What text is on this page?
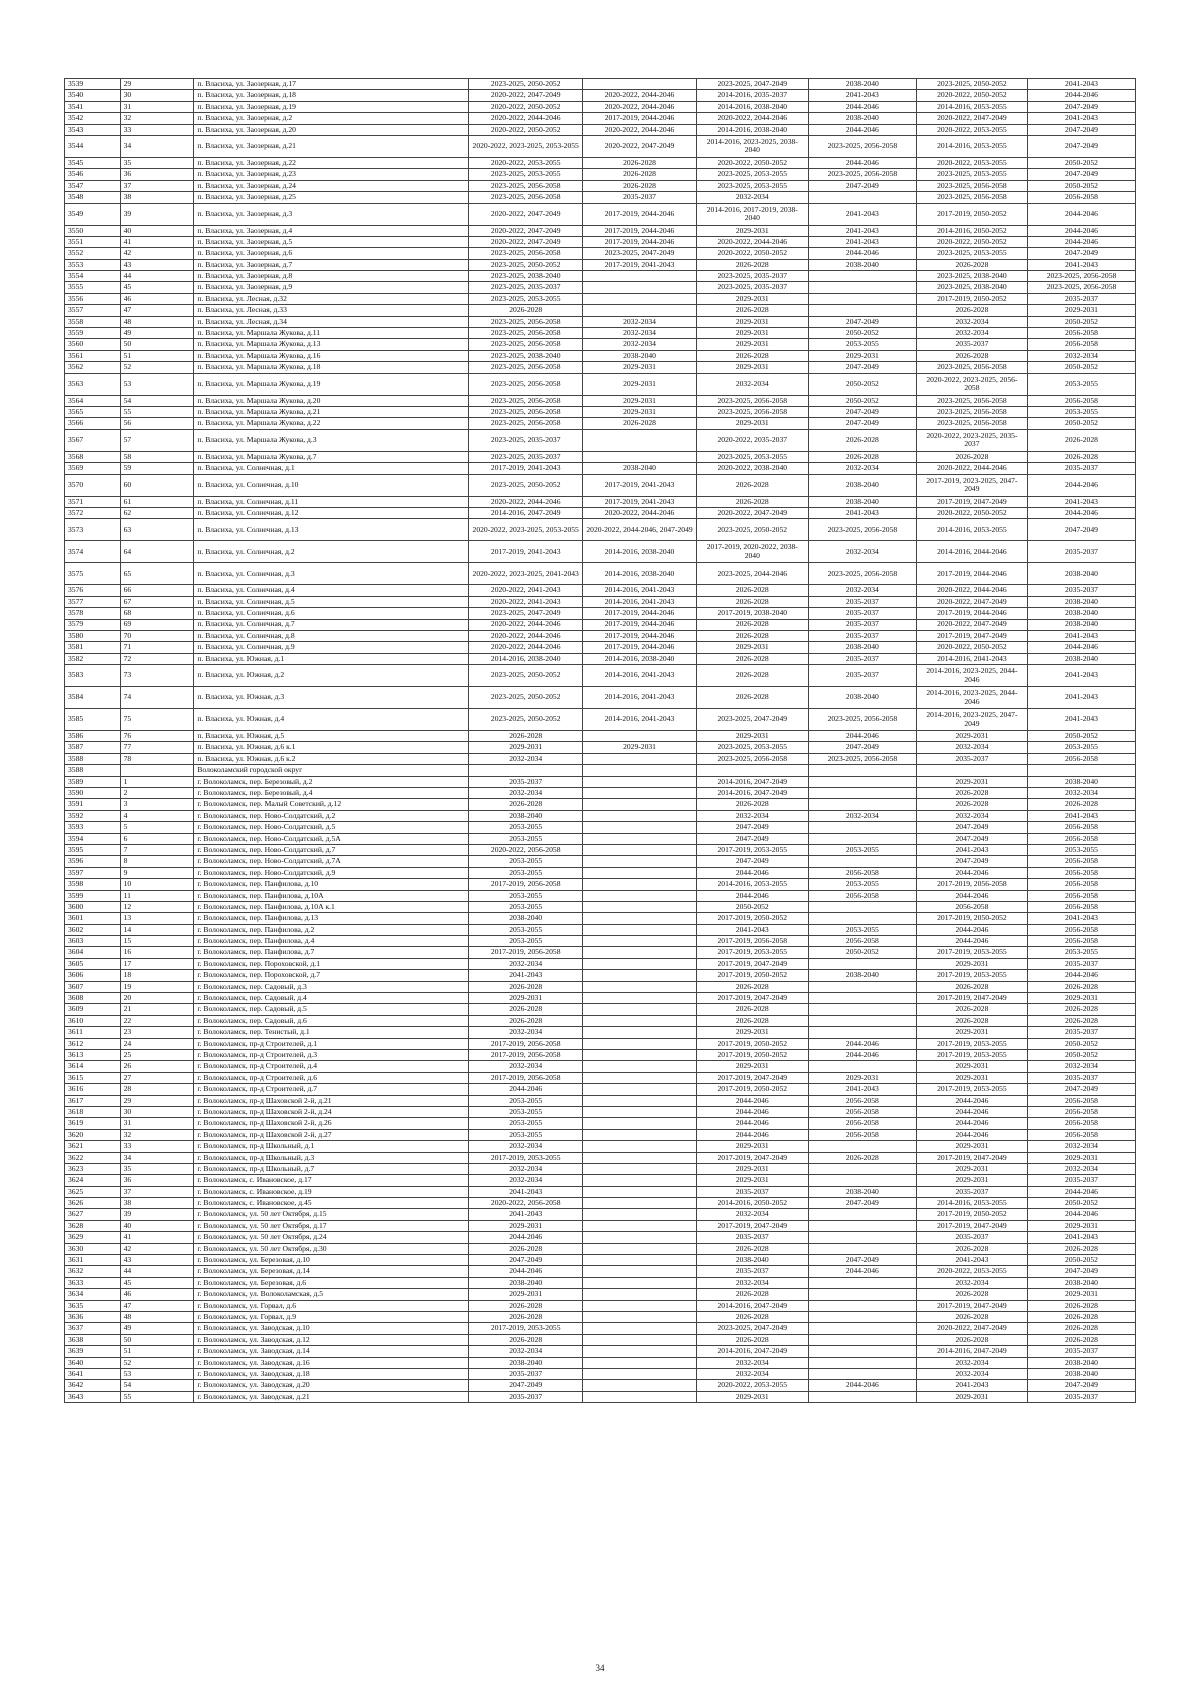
3539	29	п. Власиха, ул. Заозерная, д.17	2023-2025, 2050-2052		2023-2025, 2047-2049	2038-2040	2023-2025, 2050-2052	2041-2043
3540	30	п. Власиха, ул. Заозерная, д.18	2020-2022, 2047-2049	2020-2022, 2044-2046	2014-2016, 2035-2037	2041-2043	2020-2022, 2050-2052	2044-2046
3541	31	п. Власиха, ул. Заозерная, д.19	2020-2022, 2050-2052	2020-2022, 2044-2046	2014-2016, 2038-2040	2044-2046	2014-2016, 2053-2055	2047-2049
3542	32	п. Власиха, ул. Заозерная, д.2	2020-2022, 2044-2046	2017-2019, 2044-2046	2020-2022, 2044-2046	2038-2040	2020-2022, 2047-2049	2041-2043
3543	33	п. Власиха, ул. Заозерная, д.20	2020-2022, 2050-2052	2020-2022, 2044-2046	2014-2016, 2038-2040	2044-2046	2020-2022, 2053-2055	2047-2049
3544	34	п. Власиха, ул. Заозерная, д.21	2020-2022, 2023-2025, 2053-2055	2020-2022, 2047-2049	2014-2016, 2023-2025, 2038-2040	2023-2025, 2056-2058	2014-2016, 2053-2055	2047-2049
3545	35	п. Власиха, ул. Заозерная, д.22	2020-2022, 2053-2055	2026-2028	2020-2022, 2050-2052	2044-2046	2020-2022, 2053-2055	2050-2052
3546	36	п. Власиха, ул. Заозерная, д.23	2023-2025, 2053-2055	2026-2028	2023-2025, 2053-2055	2023-2025, 2056-2058	2023-2025, 2053-2055	2047-2049
3547	37	п. Власиха, ул. Заозерная, д.24	2023-2025, 2056-2058	2026-2028	2023-2025, 2053-2055	2047-2049	2023-2025, 2056-2058	2050-2052
3548	38	п. Власиха, ул. Заозерная, д.25	2023-2025, 2056-2058	2035-2037	2032-2034		2023-2025, 2056-2058	2056-2058
3549	39	п. Власиха, ул. Заозерная, д.3	2020-2022, 2047-2049	2017-2019, 2044-2046	2014-2016, 2017-2019, 2038-2040	2041-2043	2017-2019, 2050-2052	2044-2046
3550	40	п. Власиха, ул. Заозерная, д.4	2020-2022, 2047-2049	2017-2019, 2044-2046	2029-2031	2041-2043	2014-2016, 2050-2052	2044-2046
3551	41	п. Власиха, ул. Заозерная, д.5	2020-2022, 2047-2049	2017-2019, 2044-2046	2020-2022, 2044-2046	2041-2043	2020-2022, 2050-2052	2044-2046
3552	42	п. Власиха, ул. Заозерная, д.6	2023-2025, 2056-2058	2023-2025, 2047-2049	2020-2022, 2050-2052	2044-2046	2023-2025, 2053-2055	2047-2049
3553	43	п. Власиха, ул. Заозерная, д.7	2023-2025, 2050-2052	2017-2019, 2041-2043	2026-2028	2038-2040	2026-2028	2041-2043
3554	44	п. Власиха, ул. Заозерная, д.8	2023-2025, 2038-2040		2023-2025, 2035-2037		2023-2025, 2038-2040	2023-2025, 2056-2058
3555	45	п. Власиха, ул. Заозерная, д.9	2023-2025, 2035-2037		2023-2025, 2035-2037		2023-2025, 2038-2040	2023-2025, 2056-2058
3556	46	п. Власиха, ул. Лесная, д.32	2023-2025, 2053-2055		2029-2031		2017-2019, 2050-2052	2035-2037
3557	47	п. Власиха, ул. Лесная, д.33	2026-2028		2026-2028		2026-2028	2029-2031
3558	48	п. Власиха, ул. Лесная, д.34	2023-2025, 2056-2058	2032-2034	2029-2031	2047-2049	2032-2034	2050-2052
3559	49	п. Власиха, ул. Маршала Жукова, д.11	2023-2025, 2056-2058	2032-2034	2029-2031	2050-2052	2032-2034	2056-2058
3560	50	п. Власиха, ул. Маршала Жукова, д.13	2023-2025, 2056-2058	2032-2034	2029-2031	2053-2055	2035-2037	2056-2058
3561	51	п. Власиха, ул. Маршала Жукова, д.16	2023-2025, 2038-2040	2038-2040	2026-2028	2029-2031	2026-2028	2032-2034
3562	52	п. Власиха, ул. Маршала Жукова, д.18	2023-2025, 2056-2058	2029-2031	2029-2031	2047-2049	2023-2025, 2056-2058	2050-2052
3563	53	п. Власиха, ул. Маршала Жукова, д.19	2023-2025, 2056-2058	2029-2031	2032-2034	2050-2052	2020-2022, 2023-2025, 2056-2058	2053-2055
3564	54	п. Власиха, ул. Маршала Жукова, д.20	2023-2025, 2056-2058	2029-2031	2023-2025, 2056-2058	2050-2052	2023-2025, 2056-2058	2056-2058
3565	55	п. Власиха, ул. Маршала Жукова, д.21	2023-2025, 2056-2058	2029-2031	2023-2025, 2056-2058	2047-2049	2023-2025, 2056-2058	2053-2055
3566	56	п. Власиха, ул. Маршала Жукова, д.22	2023-2025, 2056-2058	2026-2028	2029-2031	2047-2049	2023-2025, 2056-2058	2050-2052
3567	57	п. Власиха, ул. Маршала Жукова, д.3	2023-2025, 2035-2037		2020-2022, 2035-2037	2026-2028	2020-2022, 2023-2025, 2035-2037	2026-2028
3568	58	п. Власиха, ул. Маршала Жукова, д.7	2023-2025, 2035-2037		2023-2025, 2053-2055	2026-2028	2026-2028	2026-2028
3569	59	п. Власиха, ул. Солнечная, д.1	2017-2019, 2041-2043	2038-2040	2020-2022, 2038-2040	2032-2034	2020-2022, 2044-2046	2035-2037
3570	60	п. Власиха, ул. Солнечная, д.10	2023-2025, 2050-2052	2017-2019, 2041-2043	2026-2028	2038-2040	2017-2019, 2023-2025, 2047-2049	2044-2046
3571	61	п. Власиха, ул. Солнечная, д.11	2020-2022, 2044-2046	2017-2019, 2041-2043	2026-2028	2038-2040	2017-2019, 2047-2049	2041-2043
3572	62	п. Власиха, ул. Солнечная, д.12	2014-2016, 2047-2049	2020-2022, 2044-2046	2020-2022, 2047-2049	2041-2043	2020-2022, 2050-2052	2044-2046
3573	63	п. Власиха, ул. Солнечная, д.13	2020-2022, 2023-2025, 2053-2055	2020-2022, 2044-2046, 2047-2049	2023-2025, 2050-2052	2023-2025, 2056-2058	2014-2016, 2053-2055	2047-2049
3574	64	п. Власиха, ул. Солнечная, д.2	2017-2019, 2041-2043	2014-2016, 2038-2040	2017-2019, 2020-2022, 2038-2040	2032-2034	2014-2016, 2044-2046	2035-2037
3575	65	п. Власиха, ул. Солнечная, д.3	2020-2022, 2023-2025, 2041-2043	2014-2016, 2038-2040	2023-2025, 2044-2046	2023-2025, 2056-2058	2017-2019, 2044-2046	2038-2040
3576	66	п. Власиха, ул. Солнечная, д.4	2020-2022, 2041-2043	2014-2016, 2041-2043	2026-2028	2032-2034	2020-2022, 2044-2046	2035-2037
3577	67	п. Власиха, ул. Солнечная, д.5	2020-2022, 2041-2043	2014-2016, 2041-2043	2026-2028	2035-2037	2020-2022, 2047-2049	2038-2040
3578	68	п. Власиха, ул. Солнечная, д.6	2023-2025, 2047-2049	2017-2019, 2044-2046	2017-2019, 2038-2040	2035-2037	2017-2019, 2044-2046	2038-2040
3579	69	п. Власиха, ул. Солнечная, д.7	2020-2022, 2044-2046	2017-2019, 2044-2046	2026-2028	2035-2037	2020-2022, 2047-2049	2038-2040
3580	70	п. Власиха, ул. Солнечная, д.8	2020-2022, 2044-2046	2017-2019, 2044-2046	2026-2028	2035-2037	2017-2019, 2047-2049	2041-2043
3581	71	п. Власиха, ул. Солнечная, д.9	2020-2022, 2044-2046	2017-2019, 2044-2046	2029-2031	2038-2040	2020-2022, 2050-2052	2044-2046
3582	72	п. Власиха, ул. Южная, д.1	2014-2016, 2038-2040	2014-2016, 2038-2040	2026-2028	2035-2037	2014-2016, 2041-2043	2038-2040
3583	73	п. Власиха, ул. Южная, д.2	2023-2025, 2050-2052	2014-2016, 2041-2043	2026-2028	2035-2037	2014-2016, 2023-2025, 2044-2046	2041-2043
3584	74	п. Власиха, ул. Южная, д.3	2023-2025, 2050-2052	2014-2016, 2041-2043	2026-2028	2038-2040	2014-2016, 2023-2025, 2044-2046	2041-2043
3585	75	п. Власиха, ул. Южная, д.4	2023-2025, 2050-2052	2014-2016, 2041-2043	2023-2025, 2047-2049	2023-2025, 2056-2058	2014-2016, 2023-2025, 2047-2049	2041-2043
3586	76	п. Власиха, ул. Южная, д.5	2026-2028		2029-2031	2044-2046	2029-2031	2050-2052
3587	77	п. Власиха, ул. Южная, д.6 к.1	2029-2031	2029-2031	2023-2025, 2053-2055	2047-2049	2032-2034	2053-2055
3588	78	п. Власиха, ул. Южная, д.6 к.2	2032-2034		2023-2025, 2056-2058	2023-2025, 2056-2058	2035-2037	2056-2058
3588		Волоколамский городской округ						
3589	1	г. Волоколамск, пер. Березовый, д.2	2035-2037		2014-2016, 2047-2049		2029-2031	2038-2040
3590	2	г. Волоколамск, пер. Березовый, д.4	2032-2034		2014-2016, 2047-2049		2026-2028	2032-2034
3591	3	г. Волоколамск, пер. Малый Советский, д.12	2026-2028		2026-2028		2026-2028	2026-2028
3592	4	г. Волоколамск, пер. Ново-Солдатский, д.2	2038-2040		2032-2034	2032-2034	2032-2034	2041-2043
3593	5	г. Волоколамск, пер. Ново-Солдатский, д.5	2053-2055		2047-2049		2047-2049	2056-2058
3594	6	г. Волоколамск, пер. Ново-Солдатский, д.5А	2053-2055		2047-2049		2047-2049	2056-2058
3595	7	г. Волоколамск, пер. Ново-Солдатский, д.7	2020-2022, 2056-2058		2017-2019, 2053-2055	2053-2055	2041-2043	2053-2055
3596	8	г. Волоколамск, пер. Ново-Солдатский, д.7А	2053-2055		2047-2049		2047-2049	2056-2058
3597	9	г. Волоколамск, пер. Ново-Солдатский, д.9	2053-2055		2044-2046	2056-2058	2044-2046	2056-2058
3598	10	г. Волоколамск, пер. Панфилова, д.10	2017-2019, 2056-2058		2014-2016, 2053-2055	2053-2055	2017-2019, 2056-2058	2056-2058
3599	11	г. Волоколамск, пер. Панфилова, д.10А	2053-2055		2044-2046	2056-2058	2044-2046	2056-2058
3600	12	г. Волоколамск, пер. Панфилова, д.10А к.1	2053-2055		2050-2052		2056-2058	2056-2058
3601	13	г. Волоколамск, пер. Панфилова, д.13	2038-2040		2017-2019, 2050-2052		2017-2019, 2050-2052	2041-2043
3602	14	г. Волоколамск, пер. Панфилова, д.2	2053-2055		2041-2043	2053-2055	2044-2046	2056-2058
3603	15	г. Волоколамск, пер. Панфилова, д.4	2053-2055		2017-2019, 2056-2058	2056-2058	2044-2046	2056-2058
3604	16	г. Волоколамск, пер. Панфилова, д.7	2017-2019, 2056-2058		2017-2019, 2053-2055	2050-2052	2017-2019, 2053-2055	2053-2055
3605	17	г. Волоколамск, пер. Пороховской, д.1	2032-2034		2017-2019, 2047-2049		2029-2031	2035-2037
3606	18	г. Волоколамск, пер. Пороховской, д.7	2041-2043		2017-2019, 2050-2052	2038-2040	2017-2019, 2053-2055	2044-2046
3607	19	г. Волоколамск, пер. Садовый, д.3	2026-2028		2026-2028		2026-2028	2026-2028
3608	20	г. Волоколамск, пер. Садовый, д.4	2029-2031		2017-2019, 2047-2049		2017-2019, 2047-2049	2029-2031
3609	21	г. Волоколамск, пер. Садовый, д.5	2026-2028		2026-2028		2026-2028	2026-2028
3610	22	г. Волоколамск, пер. Садовый, д.6	2026-2028		2026-2028		2026-2028	2026-2028
3611	23	г. Волоколамск, пер. Тенистый, д.1	2032-2034		2029-2031		2029-2031	2035-2037
3612	24	г. Волоколамск, пр-д Строителей, д.1	2017-2019, 2056-2058		2017-2019, 2050-2052	2044-2046	2017-2019, 2053-2055	2050-2052
3613	25	г. Волоколамск, пр-д Строителей, д.3	2017-2019, 2056-2058		2017-2019, 2050-2052	2044-2046	2017-2019, 2053-2055	2050-2052
3614	26	г. Волоколамск, пр-д Строителей, д.4	2032-2034		2029-2031		2029-2031	2032-2034
3615	27	г. Волоколамск, пр-д Строителей, д.6	2017-2019, 2056-2058		2017-2019, 2047-2049	2029-2031	2029-2031	2035-2037
3616	28	г. Волоколамск, пр-д Строителей, д.7	2044-2046		2017-2019, 2050-2052	2041-2043	2017-2019, 2053-2055	2047-2049
3617	29	г. Волоколамск, пр-д Шаховской 2-й, д.21	2053-2055		2044-2046	2056-2058	2044-2046	2056-2058
3618	30	г. Волоколамск, пр-д Шаховской 2-й, д.24	2053-2055		2044-2046	2056-2058	2044-2046	2056-2058
3619	31	г. Волоколамск, пр-д Шаховской 2-й, д.26	2053-2055		2044-2046	2056-2058	2044-2046	2056-2058
3620	32	г. Волоколамск, пр-д Шаховской 2-й, д.27	2053-2055		2044-2046	2056-2058	2044-2046	2056-2058
3621	33	г. Волоколамск, пр-д Школьный, д.1	2032-2034		2029-2031		2029-2031	2032-2034
3622	34	г. Волоколамск, пр-д Школьный, д.3	2017-2019, 2053-2055		2017-2019, 2047-2049	2026-2028	2017-2019, 2047-2049	2029-2031
3623	35	г. Волоколамск, пр-д Школьный, д.7	2032-2034		2029-2031		2029-2031	2032-2034
3624	36	г. Волоколамск, с. Ивановское, д.17	2032-2034		2029-2031		2029-2031	2035-2037
3625	37	г. Волоколамск, с. Ивановское, д.19	2041-2043		2035-2037	2038-2040	2035-2037	2044-2046
3626	38	г. Волоколамск, с. Ивановское, д.45	2020-2022, 2056-2058		2014-2016, 2050-2052	2047-2049	2014-2016, 2053-2055	2050-2052
3627	39	г. Волоколамск, ул. 50 лет Октября, д.15	2041-2043		2032-2034		2017-2019, 2050-2052	2044-2046
3628	40	г. Волоколамск, ул. 50 лет Октября, д.17	2029-2031		2017-2019, 2047-2049		2017-2019, 2047-2049	2029-2031
3629	41	г. Волоколамск, ул. 50 лет Октября, д.24	2044-2046		2035-2037		2035-2037	2041-2043
3630	42	г. Волоколамск, ул. 50 лет Октября, д.30	2026-2028		2026-2028		2026-2028	2026-2028
3631	43	г. Волоколамск, ул. Березовая, д.10	2047-2049		2038-2040	2047-2049	2041-2043	2050-2052
3632	44	г. Волоколамск, ул. Березовая, д.14	2044-2046		2035-2037	2044-2046	2020-2022, 2053-2055	2047-2049
3633	45	г. Волоколамск, ул. Березовая, д.6	2038-2040		2032-2034		2032-2034	2038-2040
3634	46	г. Волоколамск, ул. Волоколамская, д.5	2029-2031		2026-2028		2026-2028	2029-2031
3635	47	г. Волоколамск, ул. Горвал, д.6	2026-2028		2014-2016, 2047-2049		2017-2019, 2047-2049	2026-2028
3636	48	г. Волоколамск, ул. Горвал, д.9	2026-2028		2026-2028		2026-2028	2026-2028
3637	49	г. Волоколамск, ул. Заводская, д.10	2017-2019, 2053-2055		2023-2025, 2047-2049		2020-2022, 2047-2049	2026-2028
3638	50	г. Волоколамск, ул. Заводская, д.12	2026-2028		2026-2028		2026-2028	2026-2028
3639	51	г. Волоколамск, ул. Заводская, д.14	2032-2034		2014-2016, 2047-2049		2014-2016, 2047-2049	2035-2037
3640	52	г. Волоколамск, ул. Заводская, д.16	2038-2040		2032-2034		2032-2034	2038-2040
3641	53	г. Волоколамск, ул. Заводская, д.18	2035-2037		2032-2034		2032-2034	2038-2040
3642	54	г. Волоколамск, ул. Заводская, д.20	2047-2049		2020-2022, 2053-2055	2044-2046	2041-2043	2047-2049
3643	55	г. Волоколамск, ул. Заводская, д.21	2035-2037		2029-2031		2029-2031	2035-2037
34
